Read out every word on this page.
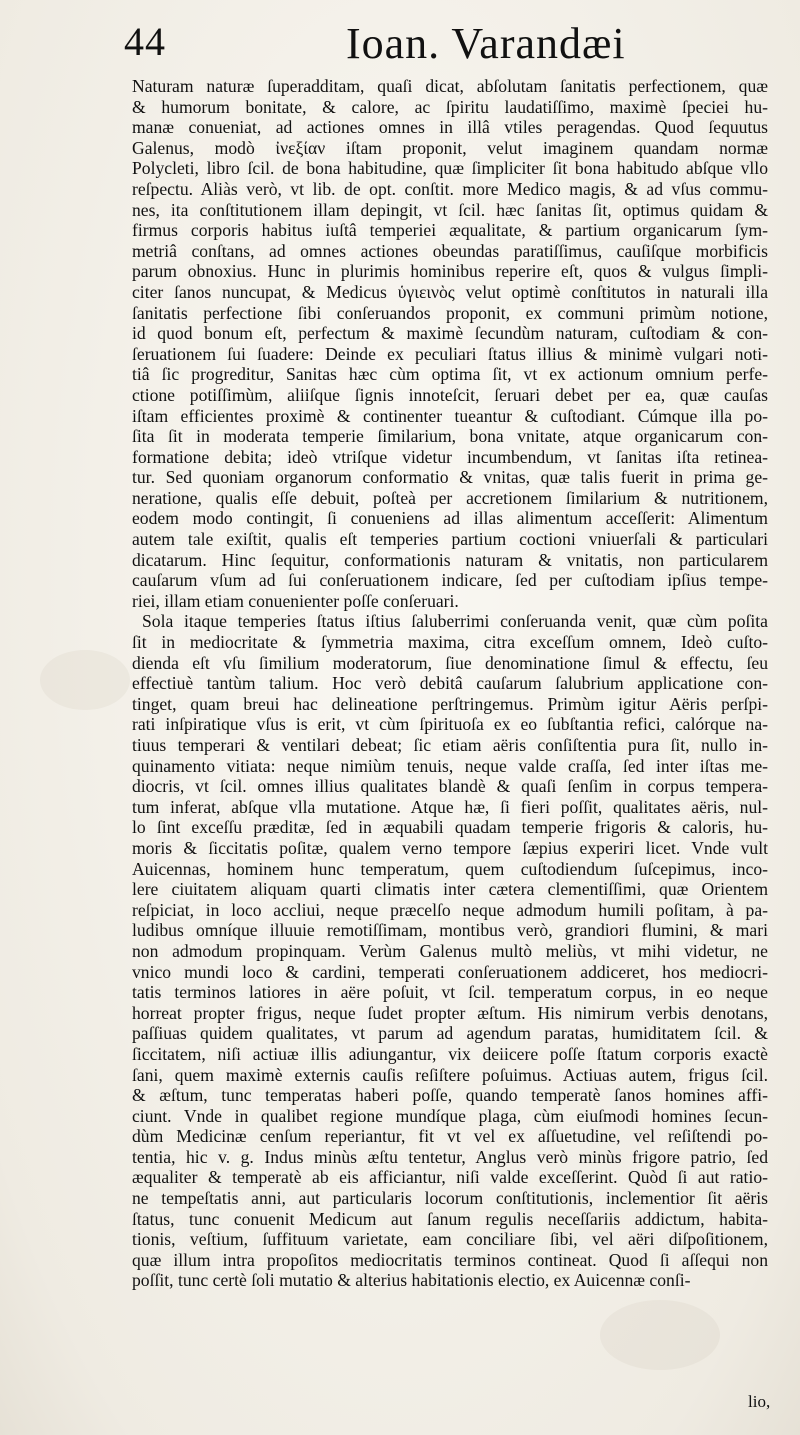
44	Ioan. Varandæi
Naturam naturæ ſuperadditam, quaſi dicat, abſolutam ſanitatis perfectionem, quæ
& humorum bonitate, & calore, ac ſpiritu laudatiſſimo, maximè ſpeciei hu-
manæ conueniat, ad actiones omnes in illâ vtiles peragendas. Quod ſequutus
Galenus, modò ἰνεξίαν iſtam proponit, velut imaginem quandam normæ
Polycleti, libro ſcil. de bona habitudine, quæ ſimpliciter ſit bona habitudo abſque vllo
reſpectu. Aliàs verò, vt lib. de opt. conſtit. more Medico magis, & ad vſus commu-
nes, ita conſtitutionem illam depingit, vt ſcil. hæc ſanitas ſit, optimus quidam &
firmus corporis habitus iuſtâ temperiei æqualitate, & partium organicarum ſym-
metriâ conſtans, ad omnes actiones obeundas paratiſſimus, cauſiſque morbificis
parum obnoxius. Hunc in plurimis hominibus reperire eſt, quos & vulgus ſimpli-
citer ſanos nuncupat, & Medicus ὑγιεινὸς velut optimè conſtitutos in naturali illa
ſanitatis perfectione ſibi conſeruandos proponit, ex communi primùm notione,
id quod bonum eſt, perfectum & maximè ſecundùm naturam, cuſtodiam & con-
ſeruationem ſui ſuadere: Deinde ex peculiari ſtatus illius & minimè vulgari noti-
tiâ ſic progreditur, Sanitas hæc cùm optima ſit, vt ex actionum omnium perfe-
ctione potiſſimùm, aliiſque ſignis innoteſcit, ſeruari debet per ea, quæ cauſas
iſtam efficientes proximè & continenter tueantur & cuſtodiant. Cúmque illa po-
ſita ſit in moderata temperie ſimilarium, bona vnitate, atque organicarum con-
formatione debita; ideò vtriſque videtur incumbendum, vt ſanitas iſta retinea-
tur. Sed quoniam organorum conformatio & vnitas, quæ talis fuerit in prima ge-
neratione, qualis eſſe debuit, poſteà per accretionem ſimilarium & nutritionem,
eodem modo contingit, ſi conueniens ad illas alimentum acceſſerit: Alimentum
autem tale exiſtit, qualis eſt temperies partium coctioni vniuerſali & particulari
dicatarum. Hinc ſequitur, conformationis naturam & vnitatis, non particularem
cauſarum vſum ad ſui conſeruationem indicare, ſed per cuſtodiam ipſius tempe-
riei, illam etiam conuenienter poſſe conſeruari.
Sola itaque temperies ſtatus iſtius ſaluberrimi conſeruanda venit, quæ cùm poſita
ſit in mediocritate & ſymmetria maxima, citra exceſſum omnem, Ideò cuſto-
dienda eſt vſu ſimilium moderatorum, ſiue denominatione ſimul & effectu, ſeu
effectiuè tantùm talium. Hoc verò debitâ cauſarum ſalubrium applicatione con-
tinget, quam breui hac delineatione perſtringemus. Primùm igitur Aëris perſpi-
rati inſpiratique vſus is erit, vt cùm ſpirituoſa ex eo ſubſtantia refici, calórque na-
tiuus temperari & ventilari debeat; ſic etiam aëris conſiſtentia pura ſit, nullo in-
quinamento vitiata: neque nimiùm tenuis, neque valde craſſa, ſed inter iſtas me-
diocris, vt ſcil. omnes illius qualitates blandè & quaſi ſenſim in corpus tempera-
tum inferat, abſque vlla mutatione. Atque hæ, ſi fieri poſſit, qualitates aëris, nul-
lo ſint exceſſu præditæ, ſed in æquabili quadam temperie frigoris & caloris, hu-
moris & ſiccitatis poſitæ, qualem verno tempore ſæpius experiri licet. Vnde vult
Auicennas, hominem hunc temperatum, quem cuſtodiendum ſuſcepimus, inco-
lere ciuitatem aliquam quarti climatis inter cætera clementiſſimi, quæ Orientem
reſpiciat, in loco accliui, neque præcelſo neque admodum humili poſitam, à pa-
ludibus omníque illuuie remotiſſimam, montibus verò, grandiori flumini, & mari
non admodum propinquam. Verùm Galenus multò meliùs, vt mihi videtur, ne
vnico mundi loco & cardini, temperati conſeruationem addiceret, hos mediocri-
tatis terminos latiores in aëre poſuit, vt ſcil. temperatum corpus, in eo neque
horreat propter frigus, neque ſudet propter æſtum. His nimirum verbis denotans,
paſſiuas quidem qualitates, vt parum ad agendum paratas, humiditatem ſcil. &
ſiccitatem, niſi actiuæ illis adiungantur, vix deiicere poſſe ſtatum corporis exactè
ſani, quem maximè externis cauſis reſiſtere poſuimus. Actiuas autem, frigus ſcil.
& æſtum, tunc temperatas haberi poſſe, quando temperatè ſanos homines affi-
ciunt. Vnde in qualibet regione mundíque plaga, cùm eiuſmodi homines ſecun-
dùm Medicinæ cenſum reperiantur, fit vt vel ex aſſuetudine, vel reſiſtendi po-
tentia, hic v. g. Indus minùs æſtu tentetur, Anglus verò minùs frigore patrio, ſed
æqualiter & temperatè ab eis afficiantur, niſi valde exceſſerint. Quòd ſi aut ratio-
ne tempeſtatis anni, aut particularis locorum conſtitutionis, inclementior ſit aëris
ſtatus, tunc conuenit Medicum aut ſanum regulis neceſſariis addictum, habita-
tionis, veſtium, ſuffituum varietate, eam conciliare ſibi, vel aëri diſpoſitionem,
quæ illum intra propoſitos mediocritatis terminos contineat. Quod ſi aſſequi non
poſſit, tunc certè ſoli mutatio & alterius habitationis electio, ex Auicennæ conſi-
lio,
